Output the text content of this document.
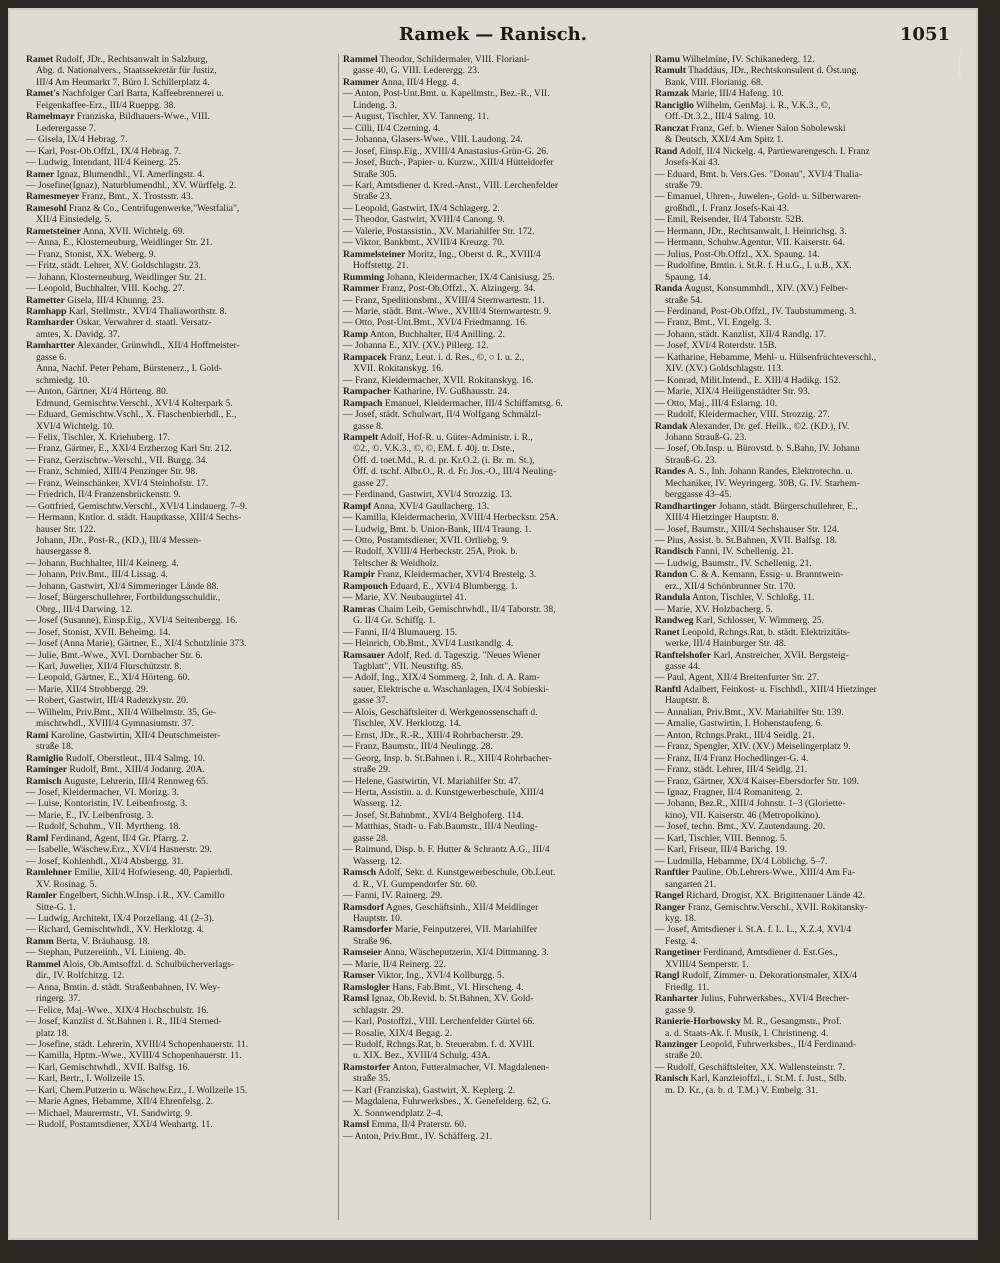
Ramek — Ranisch.	1051

Ramet Rudolf, JDr., Rechtsanwalt in Salzburg,

Abg. d. Nationalvers., Staatssekretär für Justiz,

III/4 Am Heumarkt 7, Büro I. Schillerplatz 4.

Ramet's Nachfolger Carl Barta, Kaffeebrennerei u.

Feigenkaffee-Erz., III/4 Rueppg. 38.

Ramelmayr Franziska, Bildhauers-Wwe., VIII.

Lederergasse 7.

— Gisela, IX/4 Hebrag. 7.

— Karl, Post-Ob.Offzl., IX/4 Hebrag. 7.

— Ludwig, Intendant, III/4 Keinerg. 25.

Ramer Ignaz, Blumendhl., VI. Amerlingstr. 4.

— Josefine(Ignaz), Naturblumendhl., XV. Würffelg. 2.

Ramesmeyer Franz, Bmt., X. Trostsstr. 43.

Ramesohl Franz & Co., Centrifugenwerke,"Westfalia",

XII/4 Einsiedelg. 5.

Rametsteiner Anna, XVII. Wichtelg. 69.

— Anna, E., Klosterneuburg, Weidlinger Str. 21.

— Franz, Stonist, XX. Weberg. 9.

— Fritz, städt. Lehrer, XV. Goldschlagstr. 23.

— Johann, Klosterneuburg, Weidlinger Str. 21.

— Leopold, Buchhalter, VIII. Kochg. 27.

Rametter Gisela, III/4 Khunng. 23.

Ramhapp Karl, Stellmstr., XVI/4 Thaliaworthstr. 8.

Ramharder Oskar, Verwahrer d. staatl. Versatz-

amtes, X. Davidg. 37.

Ramhartter Alexander, Grünwhdl., XII/4 Hoffmeister-

gasse 6.

Anna, Nachf. Peter Peham, Bürstenerz., I. Gold-

schmiedg. 10.

— Anton, Gärtner, XI/4 Hörteng. 80.

Edmund, Gemischtw.Verschl., XVI/4 Kolterpark 5.

— Eduard, Gemischtw.Vschl., X. Flaschenbierhdl., E.,

XVI/4 Wichtelg. 10.

— Felix, Tischler, X. Kriehuberg. 17.

— Franz, Gärtner, E., XXI/4 Erzherzog Karl Str. 212.

— Franz, Gerzischtw.-Verschl., VII. Burgg. 34.

— Franz, Schmied, XIII/4 Penzinger Str. 98.

— Franz, Weinschänker, XVI/4 Steinhofstr. 17.

— Friedrich, II/4 Franzensbrückenstr. 9.

— Gottfried, Gemischtw.Verschl., XVI/4 Lindauerg. 7–9.

— Hermann, Kntlor. d. städt. Hauptkasse, XIII/4 Sechs-

hauser Str. 122.

Johann, JDr., Post-R., (KD.), III/4 Messen-

hausergasse 8.

— Johann, Buchhalter, III/4 Keinerg. 4.

— Johann, Priv.Bmt., III/4 Lissag. 4.

— Johann, Gastwirt, XI/4 Simmeringer Lände 88.

— Josef, Bürgerschullehrer, Fortbildungsschuldir.,

Obrg., III/4 Darwing. 12.

— Josef (Susanne), Einsp.Eig., XVI/4 Seitenbergg. 16.

— Josef, Stonist, XVII. Beheimg. 14.

— Josef (Anna Marie), Gärtner, E., XI/4 Schutzlinie 373.

— Julie, Bmt.-Wwe., XVI. Dornbacher Str. 6.

— Karl, Juwelier, XII/4 Flurschützstr. 8.

— Leopold, Gärtner, E., XI/4 Hörteng. 60.

— Marie, XII/4 Strobbergg. 29.

— Robert, Gastwirt, III/4 Radetzkystr. 20.

— Wilhelm, Priv.Bmt., XII/4 Wilhelmstr. 35, Ge-

mischtwhdl., XVIII/4 Gymnasiumstr. 37.

Rami Karoline, Gastwirtin, XII/4 Deutschmeister-

straße 18.

Ramiglio Rudolf, Oberstleut., III/4 Salmg. 10.

Raminger Rudolf, Bmt., XIII/4 Jodanrg. 20A.

Ramisch Auguste, Lehrerin, III/4 Rennweg 65.

— Josef, Kleidermacher, VI. Morizg. 3.

— Luise, Kontoristin, IV. Leibenfrostg. 3.

— Marie, E., IV. Leibenfrostg. 3.

— Rudolf, Schuhm., VII. Myrtheng. 18.

Raml Ferdinand, Agent, II/4 Gr. Pfarrg. 2.

— Isabelle, Wäschew.Erz., XVI/4 Hasnerstr. 29.

— Josef, Kohlenhdl., XI/4 Absbergg. 31.

Ramlehner Emilie, XII/4 Hofwieseng. 40, Papierhdl.

XV. Rosinag. 5.

Ramler Engelbert, Sichh.W.Insp. i.R., XV. Camillo

Sitte-G. 1.

— Ludwig, Architekt, IX/4 Porzellang. 41 (2–3).

— Richard, Gemischtwhdl., XV. Herklotzg. 4.

Ramm Berta, V. Bräuhausg. 18.

— Stephan, Putzereiinh., VI. Linieng. 4b.

Rammel Alois, Ob.Amtsoffzl. d. Schulbücherverlags-

dir., IV. Rolfchitzg. 12.

— Anna, Bmtin. d. städt. Straßenbahnen, IV. Wey-

ringerg. 37.

— Felice, Maj.-Wwe., XIX/4 Hochschulstr. 16.

— Josef, Kanzlist d. St.Bahnen i. R., III/4 Sterned-

platz 18.

— Josefine, städt. Lehrerin, XVIII/4 Schopenhauerstr. 11.

— Kamilla, Hptm.-Wwe., XVIII/4 Schopenhauerstr. 11.

— Karl, Gemischtwhdl., XVII. Balfsg. 16.

— Karl, Bertr., I. Wollzeile 15.

— Karl, Chem.Putzerin u. Wäschew.Erz., I. Wollzeile 15.

— Marie Agnes, Hebamme, XII/4 Ehrenfelsg. 2.

— Michael, Maurermstr., VI. Sandwirtg. 9.

— Rudolf, Postamtsdiener, XXI/4 Wenhartg. 11.

Rammel Theodor, Schildermaler, VIII. Floriani-

gasse 40, G. VIII. Lederergg. 23.

Rammer Anna, III/4 Hegg. 4.

— Anton, Post-Unt.Bmt. u. Kapellmstr., Bez.-R., VII.

Lindeng. 3.

— August, Tischler, XV. Tanneng. 11.

— Cilli, II/4 Czerning. 4.

— Johanna, Glasers-Wwe., VIII. Laudong. 24.

— Josef, Einsp.Eig., XVIII/4 Anastasius-Grün-G. 26.

— Josef, Buch-, Papier- u. Kurzw., XIII/4 Hütteldorfer

Straße 305.

— Karl, Amtsdiener d. Kred.-Anst., VIII. Lerchenfelder

Straße 23.

— Leopold, Gastwirt, IX/4 Schlagerg. 2.

— Theodor, Gastwirt, XVIII/4 Canong. 9.

— Valerie, Postassistin., XV. Mariahilfer Str. 172.

— Viktor, Bankbmt., XVIII/4 Kreuzg. 70.

Rammelsteiner Moritz, Ing., Oberst d. R., XVIII/4

Hoffstettg. 21.

Rumming Johann, Kleidermacher, IX/4 Canisiusg. 25.

Rammer Franz, Post-Ob.Offzl., X. Alzingerg. 34.

— Franz, Speditionsbmt., XVIII/4 Sternwartestr. 11.

— Marie, städt. Bmt.-Wwe., XVIII/4 Sternwartestr. 9.

— Otto, Post-Unt.Bmt., XVI/4 Friedmanng. 16.

Ramp Anton, Buchhalter, II/4 Anilling. 2.

— Johanna E., XIV. (XV.) Pillerg. 12.

Rampacek Franz, Leut. i. d. Res., ©, ○ I. u. 2.,

XVII. Rokitanskyg. 16.

— Franz, Kleidermacher, XVII. Rokitanskyg. 16.

Rampacher Katharine, IV. Gußhausstr. 24.

Rampach Emanuel, Kleidermacher, III/4 Schiffamtsg. 6.

— Josef, städt. Schulwart, II/4 Wolfgang Schmälzl-

gasse 8.

Rampelt Adolf, Hof-R. u. Güter-Administr. i. R.,

©2., ©. V.K.3., ©, ©, EM. f. 40j. tr. Dste.,

Öff. d. toet.Md., R. d. pr. Kr.O.2. (i. Br. m. St.),

Öff. d. tschf. Albr.O., R. d. Fr. Jos.-O., III/4 Neuling-

gasse 27.

— Ferdinand, Gastwirt, XVI/4 Strozzig. 13.

Rampf Anna, XVI/4 Gaullacherg. 13.

— Kamilla, Kleidermacherin, XVIII/4 Herbeckstr. 25A.

— Ludwig, Bmt. b. Union-Bank, III/4 Traung. 1.

— Otto, Postamtsdiener, XVII. Ortliebg. 9.

— Rudolf, XVIII/4 Herbeckstr. 25A, Prok. b.

Teltscher & Weidholz.

Rampir Franz, Kleidermacher, XVI/4 Brestelg. 3.

Rampouch Eduard, E., XVI/4 Blumbergg. 1.

— Marie, XV. Neubaugürtel 41.

Ramras Chaim Leib, Gemischtwhdl., II/4 Taborstr. 38,

G. II/4 Gr. Schiffg. 1.

— Fanni, II/4 Blumauerg. 15.

— Heinrich, Ob.Bmt., XVI/4 Lustkandlg. 4.

Ramsauer Adolf, Red. d. Tageszig. "Neues Wiener

Tagblatt", VII. Neustiftg. 85.

— Adolf, Ing., XIX/4 Sommerg. 2, Inh. d. A. Ram-

sauer, Elektrische u. Waschanlagen, IX/4 Sobieski-

gasse 37.

— Alois, Geschäftsleiter d. Werkgenossenschaft d.

Tischler, XV. Herklotzg. 14.

— Ernst, JDr., R.-R., XIII/4 Rohrbacherstr. 29.

— Franz, Baumstr., III/4 Neulingg. 28.

— Georg, Insp. b. St.Bahnen i. R., XIII/4 Rohrbacher-

straße 29.

— Helene, Gastwirtin, VI. Mariahilfer Str. 47.

— Herta, Assistin. a. d. Kunstgewerbeschule, XIII/4

Wasserg. 12.

— Josef, St.Bahnbmt., XVI/4 Belghoferg. 114.

— Matthias, Stadt- u. Fab.Baumstr., III/4 Neuling-

gasse 28.

— Raimund, Disp. b. F. Hutter & Schrantz A.G., III/4

Wasserg. 12.

Ramsch Adolf, Sekr. d. Kunstgewerbeschule, Ob.Leut.

d. R., VI. Gumpendorfer Str. 60.

— Fanni, IV. Rainerg. 29.

Ramsdorf Agnes, Geschäftsinh., XII/4 Meidlinger

Hauptstr. 10.

Ramsdorfer Marie, Feinputzerei, VII. Mariahilfer

Straße 96.

Ramseier Anna, Wäscheputzerin, XI/4 Dittmanng. 3.

— Marie, II/4 Reinerg. 22.

Ramser Viktor, Ing., XVI/4 Kollburgg. 5.

Ramslogler Hans, Fab.Bmt., VI. Hirscheng. 4.

Ramsl Ignaz, Ob.Revid. b. St.Bahnen, XV. Gold-

schlagstr. 29.

— Karl, Postoffzl., VIII. Lerchenfelder Gürtel 66.

— Rosalie, XIX/4 Begag. 2.

— Rudolf, Rchngs.Rat, b. Steuerabm. f. d. XVIII.

u. XIX. Bez., XVIII/4 Schulg. 43A.

Ramstorfer Anton, Futteralmacher, VI. Magdalenen-

straße 35.

— Karl (Franziska), Gastwirt, X. Keplerg. 2.

— Magdalena, Fuhrwerksbes., X. Genefelderg. 62, G.

X. Sonnwendplatz 2–4.

Ramsl Emma, II/4 Praterstr. 60.

— Anton, Priv.Bmt., IV. Schäfferg. 21.

Ramu Wilhelmine, IV. Schikanederg. 12.

Ramult Thaddäus, JDr., Rechtskonsulent d. Öst.ung.

Bank, VIII. Florianig. 68.

Ramzak Marie, III/4 Hafeng. 10.

Ranciglio Wilhelm, GenMaj. i. R., V.K.3., ©,

Off.-Dt.3.2., III/4 Salmg. 10.

Ranczat Franz, Gef. b. Wiener Salon Sobolewski

& Deutsch, XXI/4 Am Spitz 1.

Rand Adolf, II/4 Nickelg. 4, Partiewarengesch. I. Franz

Josefs-Kai 43.

— Eduard, Bmt. b. Vers.Ges. "Donau", XVI/4 Thalia-

straße 79.

— Emanuel, Uhren-, Juwelen-, Gold- u. Silberwaren-

großhdl., I. Franz Josefs-Kai 43.

— Emil, Reisender, II/4 Taborstr. 52B.

— Hermann, JDr., Rechtsanwalt, I. Heinrichsg. 3.

— Hermann, Schuhw.Agentur, VII. Kaiserstr. 64.

— Julius, Post-Ob.Offzl., XX. Spaung. 14.

— Rudolfine, Bmtin. i. St.R. f. H.u.G., I. u.B., XX.

Spaung. 14.

Randa August, Konsummhdl., XIV. (XV.) Felber-

straße 54.

— Ferdinand, Post-Ob.Offzl., IV. Taubstummeng. 3.

— Franz, Bmt., VI. Engelg. 3.

— Johann, städt. Kanzlist, XII/4 Randlg. 17.

— Josef, XVI/4 Roterdstr. 15B.

— Katharine, Hebamme, Mehl- u. Hülsenfrüchteverschl.,

XIV. (XV.) Goldschlagstr. 113.

— Konrad, Milit.Intend., E. XIII/4 Hadikg. 152.

— Marie, XIX/4 Heiligenstädter Str. 93.

— Otto, Maj., III/4 Eslarng. 10.

— Rudolf, Kleidermacher, VIII. Strozzig. 27.

Randak Alexander, Dr. gef. Heilk., ©2. (KD.), IV.

Johann Strauß-G. 23.

— Josef, Ob.Insp. u. Bürovstd. b. S.Bahn, IV. Johann

Strauß-G. 23.

Randes A. S., Inh. Johann Randes, Elektrotechn. u.

Mechaniker, IV. Weyringerg. 30B, G. IV. Starhem-

berggasse 43–45.

Randhartinger Johann, städt. Bürgerschullehrer, E.,

XIII/4 Hietzinger Hauptstr. 8.

— Josef, Baumstr., XIII/4 Sechshauser Str. 124.

— Pius, Assist. b. St.Bahnen, XVII. Balfsg. 18.

Randisch Fanni, IV. Schellenig. 21.

— Ludwig, Baumstr., IV. Schellenig. 21.

Randon C. & A. Kemann, Essig- u. Branntwein-

erz., XII/4 Schönbrunner Str. 170.

Randula Anton, Tischler, V. Schloßg. 11.

— Marie, XV. Holzbacherg. 5.

Randweg Karl, Schlosser, V. Wimmerg. 25.

Ranet Leopold, Rchngs.Rat, b. städt. Elektrizitäts-

werke, III/4 Hainburger Str. 48.

Ranftelshofer Karl, Anstreicher, XVII. Bergsteig-

gasse 44.

— Paul, Agent, XII/4 Breitenfurter Str. 27.

Ranftl Adalbert, Feinkost- u. Fischhdl., XIII/4 Hietzinger

Hauptstr. 8.

— Annalian, Priv.Bmt., XV. Mariahilfer Str. 139.

— Amalie, Gastwirtin, I. Hohenstaufeng. 6.

— Anton, Rchngs.Prakt., III/4 Seidlg. 21.

— Franz, Spengler, XIV. (XV.) Meiselingerplatz 9.

— Franz, II/4 Franz Hochedlinger-G. 4.

— Franz, städt. Lehrer, III/4 Seidlg. 21.

— Franz, Gärtner, XX/4 Kaiser-Ebersdorfer Str. 109.

— Ignaz, Fragner, II/4 Romaniteng. 2.

— Johann, Bez.R., XIII/4 Johnstr. 1–3 (Gloriette-

kino), VII. Kaiserstr. 46 (Metropolkino).

— Josef, techn. Bmt., XV. Zautendaung. 20.

— Karl, Tischler, VIII. Bennog. 5.

— Karl, Friseur, III/4 Barichg. 19.

— Ludmilla, Hebamme, IX/4 Löblichg. 5–7.

Ranftler Pauline, Ob.Lehrers-Wwe., XIII/4 Am Fa-

sangarten 21.

Rangel Richard, Drogist, XX. Brigittenauer Lände 42.

Ranger Franz, Gemischtw.Verschl., XVII. Rokitansky-

kyg. 18.

— Josef, Amtsdiener i. St.A. f. L. L., X.Z.4, XVI/4

Festg. 4.

Rangetiner Ferdinand, Amtsdiener d. Est.Ges.,

XVIII/4 Semperstr. 1.

Rangl Rudolf, Zimmer- u. Dekorationsmaler, XIX/4

Friedlg. 11.

Ranharter Julius, Fuhrwerksbes., XVI/4 Brecher-

gasse 9.

Ranierie-Horbowsky M. R., Gesangmstr., Prof.

a. d. Staats-Ak. f. Musik, I. Christineng. 4.

Ranzinger Leopold, Fuhrwerksbes., II/4 Ferdinand-

straße 20.

— Rudolf, Geschäftsleiter, XX. Wallensteinstr. 7.

Ranisch Karl, Kanzleioffzl., i. St.M. f. Just., Stlb.

m. D. Kr., (a. b. d. T.M.) V. Embelg. 31.
